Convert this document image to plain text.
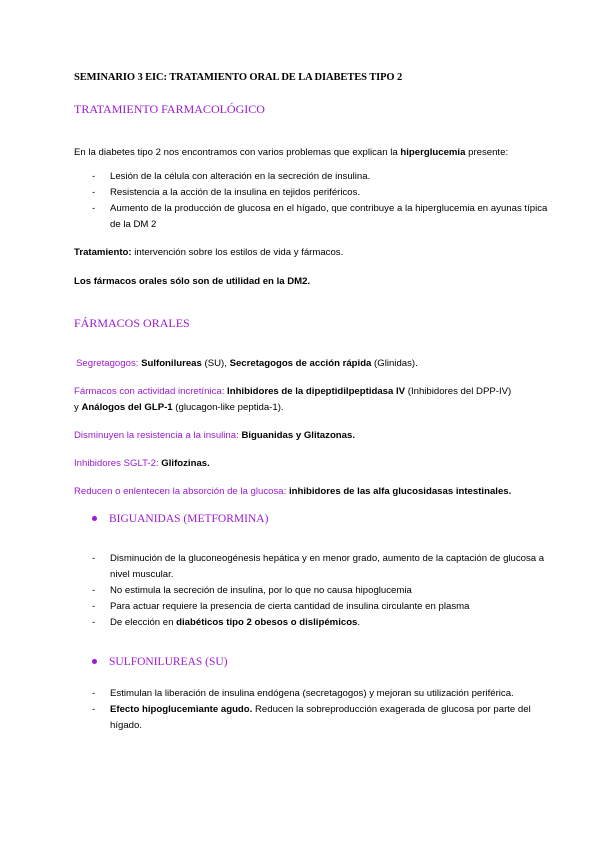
SEMINARIO 3 EIC: TRATAMIENTO ORAL DE LA DIABETES TIPO 2
TRATAMIENTO FARMACOLÓGICO
En la diabetes tipo 2 nos encontramos con varios problemas que explican la hiperglucemia presente:
- Lesión de la célula con alteración en la secreción de insulina.
- Resistencia a la acción de la insulina en tejidos periféricos.
- Aumento de la producción de glucosa en el hígado, que contribuye a la hiperglucemia en ayunas típica de la DM 2
Tratamiento: intervención sobre los estilos de vida y fármacos.
Los fármacos orales sólo son de utilidad en la DM2.
FÁRMACOS ORALES
Segretagogos: Sulfonilureas (SU), Secretagogos de acción rápida (Glinidas).
Fármacos con actividad incretínica: Inhibidores de la dipeptidilpeptidasa IV (Inhibidores del DPP-IV)
y Análogos del GLP-1 (glucagon-like peptida-1).
Disminuyen la resistencia a la insulina: Biguanidas y Glitazonas.
Inhibidores SGLT-2: Glifozinas.
Reducen o enlentecen la absorción de la glucosa: inhibidores de las alfa glucosidasas intestinales.
BIGUANIDAS (METFORMINA)
- Disminución de la gluconeogénesis hepática y en menor grado, aumento de la captación de glucosa a nivel muscular.
- No estimula la secreción de insulina, por lo que no causa hipoglucemia
- Para actuar requiere la presencia de cierta cantidad de insulina circulante en plasma
- De elección en diabéticos tipo 2 obesos o dislipémicos.
SULFONILUREAS (SU)
- Estimulan la liberación de insulina endógena (secretagogos) y mejoran su utilización periférica.
- Efecto hipoglucemiante agudo. Reducen la sobreproducción exagerada de glucosa por parte del hígado.
